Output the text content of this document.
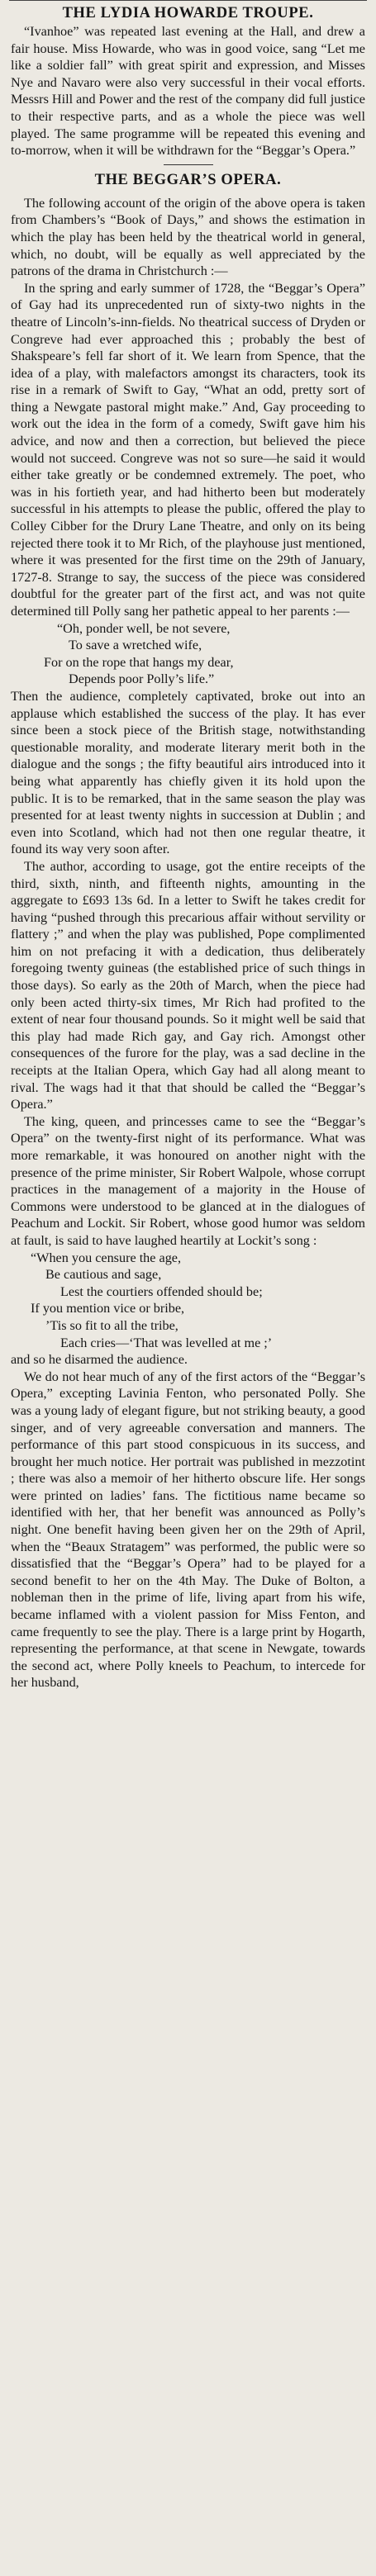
THE LYDIA HOWARDE TROUPE.

“Ivanhoe” was repeated last evening at the Hall, and drew a fair house. Miss Howarde, who was in good voice, sang “Let me like a soldier fall” with great spirit and expression, and Misses Nye and Navaro were also very successful in their vocal efforts. Messrs Hill and Power and the rest of the company did full justice to their respective parts, and as a whole the piece was well played. The same programme will be repeated this evening and to-morrow, when it will be withdrawn for the “Beggar’s Opera.”

THE BEGGAR’S OPERA.

The following account of the origin of the above opera is taken from Chambers’s “Book of Days,” and shows the estimation in which the play has been held by the theatrical world in general, which, no doubt, will be equally as well appreciated by the patrons of the drama in Christchurch :—

In the spring and early summer of 1728, the “Beggar’s Opera” of Gay had its unprecedented run of sixty-two nights in the theatre of Lincoln’s-inn-fields. No theatrical success of Dryden or Congreve had ever approached this ; probably the best of Shakspeare’s fell far short of it. We learn from Spence, that the idea of a play, with malefactors amongst its characters, took its rise in a remark of Swift to Gay, “What an odd, pretty sort of thing a Newgate pastoral might make.” And, Gay proceeding to work out the idea in the form of a comedy, Swift gave him his advice, and now and then a correction, but believed the piece would not succeed. Congreve was not so sure—he said it would either take greatly or be condemned extremely. The poet, who was in his fortieth year, and had hitherto been but moderately successful in his attempts to please the public, offered the play to Colley Cibber for the Drury Lane Theatre, and only on its being rejected there took it to Mr Rich, of the playhouse just mentioned, where it was presented for the first time on the 29th of January, 1727-8. Strange to say, the success of the piece was considered doubtful for the greater part of the first act, and was not quite determined till Polly sang her pathetic appeal to her parents :—

“Oh, ponder well, be not severe,
To save a wretched wife,
For on the rope that hangs my dear,
Depends poor Polly’s life.”

Then the audience, completely captivated, broke out into an applause which established the success of the play. It has ever since been a stock piece of the British stage, notwithstanding questionable morality, and moderate literary merit both in the dialogue and the songs ; the fifty beautiful airs introduced into it being what apparently has chiefly given it its hold upon the public. It is to be remarked, that in the same season the play was presented for at least twenty nights in succession at Dublin ; and even into Scotland, which had not then one regular theatre, it found its way very soon after.

The author, according to usage, got the entire receipts of the third, sixth, ninth, and fifteenth nights, amounting in the aggregate to £693 13s 6d. In a letter to Swift he takes credit for having “pushed through this precarious affair without servility or flattery ;” and when the play was published, Pope complimented him on not prefacing it with a dedication, thus deliberately foregoing twenty guineas (the established price of such things in those days). So early as the 20th of March, when the piece had only been acted thirty-six times, Mr Rich had profited to the extent of near four thousand pounds. So it might well be said that this play had made Rich gay, and Gay rich. Amongst other consequences of the furore for the play, was a sad decline in the receipts at the Italian Opera, which Gay had all along meant to rival. The wags had it that that should be called the “Beggar’s Opera.”

The king, queen, and princesses came to see the “Beggar’s Opera” on the twenty-first night of its performance. What was more remarkable, it was honoured on another night with the presence of the prime minister, Sir Robert Walpole, whose corrupt practices in the management of a majority in the House of Commons were understood to be glanced at in the dialogues of Peachum and Lockit. Sir Robert, whose good humor was seldom at fault, is said to have laughed heartily at Lockit’s song :

“When you censure the age,
Be cautious and sage,
Lest the courtiers offended should be;
If you mention vice or bribe,
’Tis so fit to all the tribe,
Each cries—‘That was levelled at me ;’

and so he disarmed the audience.

We do not hear much of any of the first actors of the “Beggar’s Opera,” excepting Lavinia Fenton, who personated Polly. She was a young lady of elegant figure, but not striking beauty, a good singer, and of very agreeable conversation and manners. The performance of this part stood conspicuous in its success, and brought her much notice. Her portrait was published in mezzotint ; there was also a memoir of her hitherto obscure life. Her songs were printed on ladies’ fans. The fictitious name became so identified with her, that her benefit was announced as Polly’s night. One benefit having been given her on the 29th of April, when the “Beaux Stratagem” was performed, the public were so dissatisfied that the “Beggar’s Opera” had to be played for a second benefit to her on the 4th May. The Duke of Bolton, a nobleman then in the prime of life, living apart from his wife, became inflamed with a violent passion for Miss Fenton, and came frequently to see the play. There is a large print by Hogarth, representing the performance, at that scene in Newgate, towards the second act, where Polly kneels to Peachum, to intercede for her husband,
